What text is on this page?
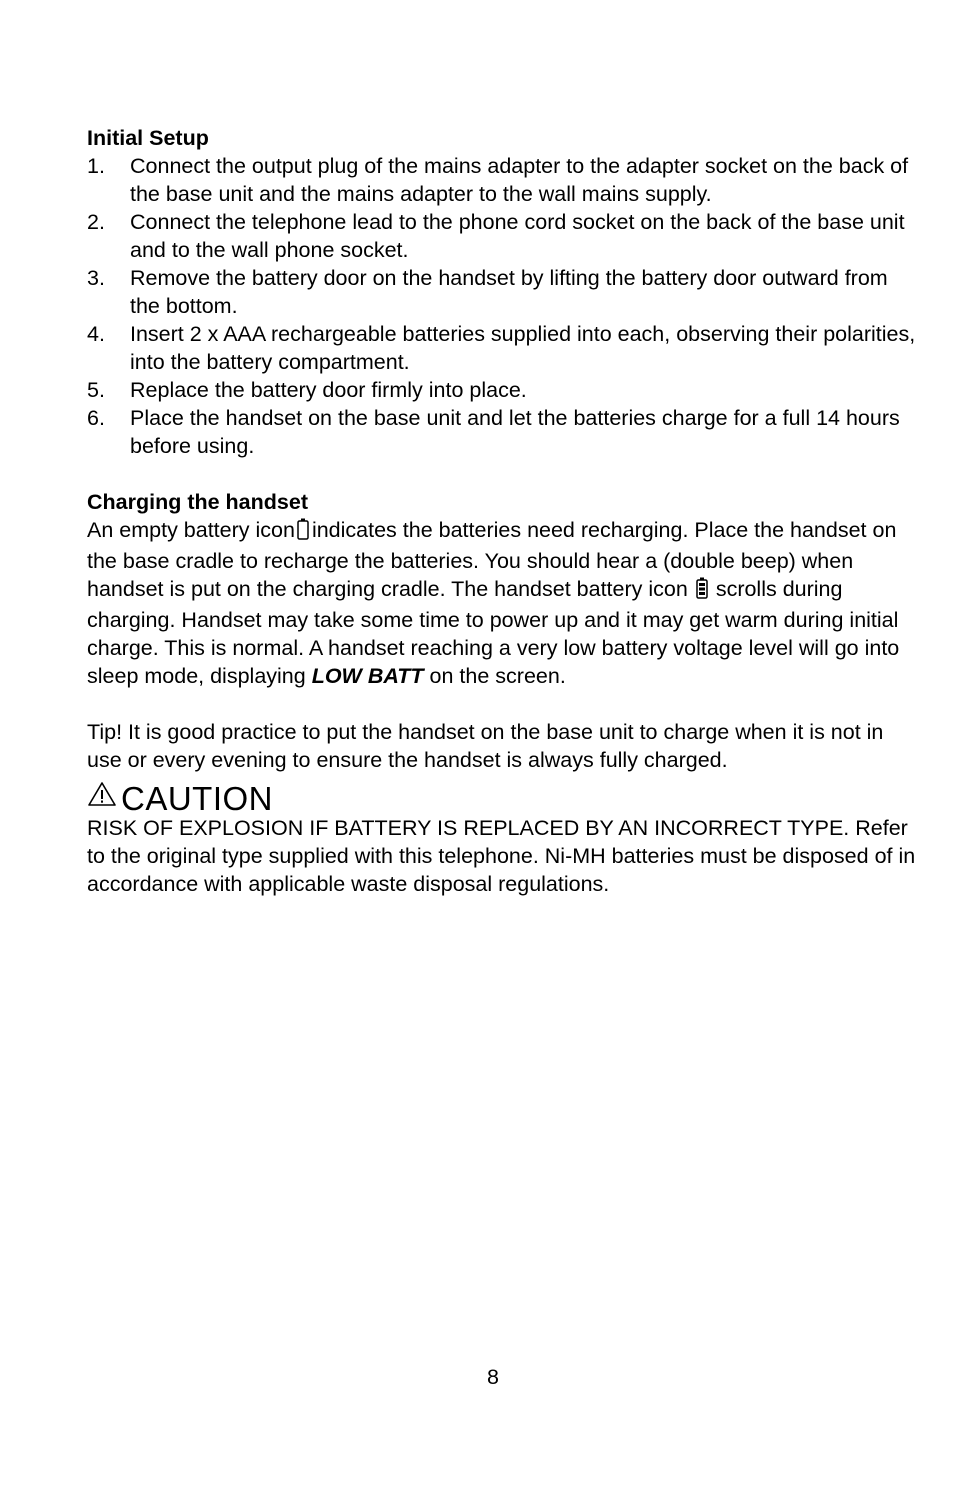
Initial Setup
1. Connect the output plug of the mains adapter to the adapter socket on the back of the base unit and the mains adapter to the wall mains supply.
2. Connect the telephone lead to the phone cord socket on the back of the base unit and to the wall phone socket.
3. Remove the battery door on the handset by lifting the battery door outward from the bottom.
4. Insert 2 x AAA rechargeable batteries supplied into each, observing their polarities, into the battery compartment.
5. Replace the battery door firmly into place.
6. Place the handset on the base unit and let the batteries charge for a full 14 hours before using.
Charging the handset

An empty battery icon indicates the batteries need recharging. Place the handset on the base cradle to recharge the batteries. You should hear a (double beep) when handset is put on the charging cradle. The handset battery icon scrolls during charging. Handset may take some time to power up and it may get warm during initial charge. This is normal. A handset reaching a very low battery voltage level will go into sleep mode, displaying LOW BATT on the screen.

Tip! It is good practice to put the handset on the base unit to charge when it is not in use or every evening to ensure the handset is always fully charged.

CAUTION

RISK OF EXPLOSION IF BATTERY IS REPLACED BY AN INCORRECT TYPE. Refer to the original type supplied with this telephone. Ni-MH batteries must be disposed of in accordance with applicable waste disposal regulations.

8
